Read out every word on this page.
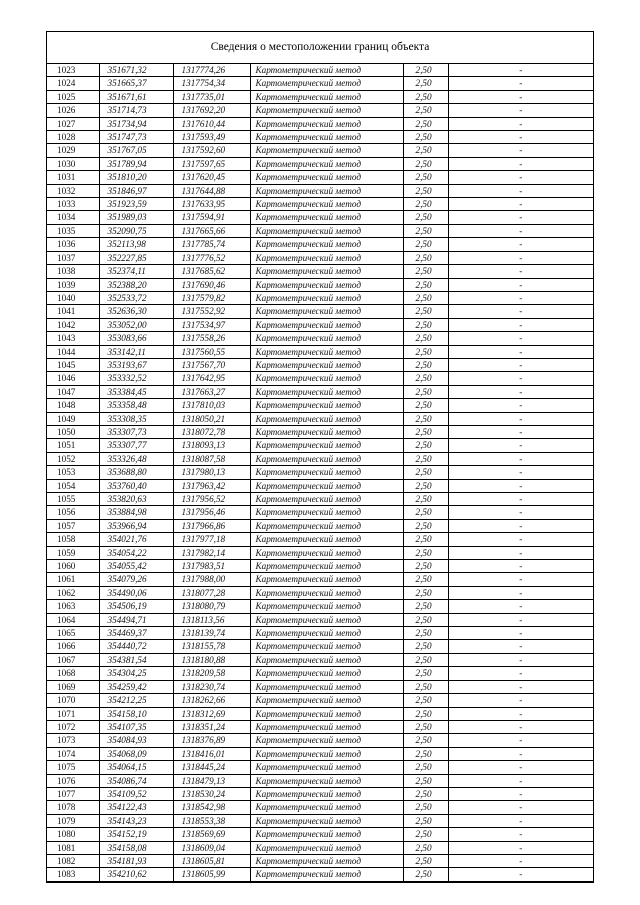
Сведения о местоположении границ объекта
1023	351671,32	1317774,26	Картометрический метод	2,50	-
1024	351665,37	1317754,34	Картометрический метод	2,50	-
1025	351671,61	1317735,01	Картометрический метод	2,50	-
1026	351714,73	1317692,20	Картометрический метод	2,50	-
1027	351734,94	1317610,44	Картометрический метод	2,50	-
1028	351747,73	1317593,49	Картометрический метод	2,50	-
1029	351767,05	1317592,60	Картометрический метод	2,50	-
1030	351789,94	1317597,65	Картометрический метод	2,50	-
1031	351810,20	1317620,45	Картометрический метод	2,50	-
1032	351846,97	1317644,88	Картометрический метод	2,50	-
1033	351923,59	1317633,95	Картометрический метод	2,50	-
1034	351989,03	1317594,91	Картометрический метод	2,50	-
1035	352090,75	1317665,66	Картометрический метод	2,50	-
1036	352113,98	1317785,74	Картометрический метод	2,50	-
1037	352227,85	1317776,52	Картометрический метод	2,50	-
1038	352374,11	1317685,62	Картометрический метод	2,50	-
1039	352388,20	1317690,46	Картометрический метод	2,50	-
1040	352533,72	1317579,82	Картометрический метод	2,50	-
1041	352636,30	1317552,92	Картометрический метод	2,50	-
1042	353052,00	1317534,97	Картометрический метод	2,50	-
1043	353083,66	1317558,26	Картометрический метод	2,50	-
1044	353142,11	1317560,55	Картометрический метод	2,50	-
1045	353193,67	1317567,70	Картометрический метод	2,50	-
1046	353332,52	1317642,95	Картометрический метод	2,50	-
1047	353384,45	1317663,27	Картометрический метод	2,50	-
1048	353358,48	1317810,03	Картометрический метод	2,50	-
1049	353308,35	1318050,21	Картометрический метод	2,50	-
1050	353307,73	1318072,78	Картометрический метод	2,50	-
1051	353307,77	1318093,13	Картометрический метод	2,50	-
1052	353326,48	1318087,58	Картометрический метод	2,50	-
1053	353688,80	1317980,13	Картометрический метод	2,50	-
1054	353760,40	1317963,42	Картометрический метод	2,50	-
1055	353820,63	1317956,52	Картометрический метод	2,50	-
1056	353884,98	1317956,46	Картометрический метод	2,50	-
1057	353966,94	1317966,86	Картометрический метод	2,50	-
1058	354021,76	1317977,18	Картометрический метод	2,50	-
1059	354054,22	1317982,14	Картометрический метод	2,50	-
1060	354055,42	1317983,51	Картометрический метод	2,50	-
1061	354079,26	1317988,00	Картометрический метод	2,50	-
1062	354490,06	1318077,28	Картометрический метод	2,50	-
1063	354506,19	1318080,79	Картометрический метод	2,50	-
1064	354494,71	1318113,56	Картометрический метод	2,50	-
1065	354469,37	1318139,74	Картометрический метод	2,50	-
1066	354440,72	1318155,78	Картометрический метод	2,50	-
1067	354381,54	1318180,88	Картометрический метод	2,50	-
1068	354304,25	1318209,58	Картометрический метод	2,50	-
1069	354259,42	1318230,74	Картометрический метод	2,50	-
1070	354212,25	1318262,66	Картометрический метод	2,50	-
1071	354158,10	1318312,69	Картометрический метод	2,50	-
1072	354107,35	1318351,24	Картометрический метод	2,50	-
1073	354084,93	1318376,89	Картометрический метод	2,50	-
1074	354068,09	1318416,01	Картометрический метод	2,50	-
1075	354064,15	1318445,24	Картометрический метод	2,50	-
1076	354086,74	1318479,13	Картометрический метод	2,50	-
1077	354109,52	1318530,24	Картометрический метод	2,50	-
1078	354122,43	1318542,98	Картометрический метод	2,50	-
1079	354143,23	1318553,38	Картометрический метод	2,50	-
1080	354152,19	1318569,69	Картометрический метод	2,50	-
1081	354158,08	1318609,04	Картометрический метод	2,50	-
1082	354181,93	1318605,81	Картометрический метод	2,50	-
1083	354210,62	1318605,99	Картометрический метод	2,50	-
